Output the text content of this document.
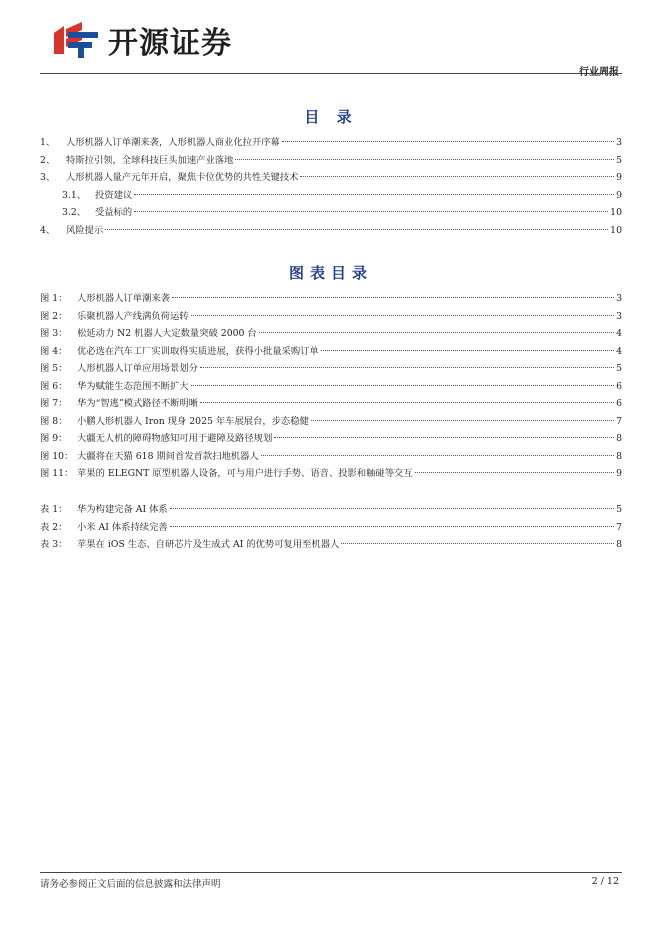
开源证券
行业周报
目 录
1、	人形机器人订单潮来袭，人形机器人商业化拉开序幕	3
2、	特斯拉引领，全球科技巨头加速产业落地	5
3、	人形机器人量产元年开启，聚焦卡位优势的共性关键技术	9
3.1、 投资建议	9
3.2、 受益标的	10
4、	风险提示	10
图表目录
图 1：	人形机器人订单潮来袭	3
图 2：	乐聚机器人产线满负荷运转	3
图 3：	松延动力 N2 机器人大定数量突破 2000 台	4
图 4：	优必选在汽车工厂实训取得实质进展，获得小批量采购订单	4
图 5：	人形机器人订单应用场景划分	5
图 6：	华为赋能生态范围不断扩大	6
图 7：	华为“智逃”模式路径不断明晰	6
图 8：	小鹏人形机器人 Iron 现身 2025 年车展展台，步态稳健	7
图 9：	大疆无人机的障碍物感知可用于避障及路径规划	8
图 10： 大疆将在天猫 618 期间首发首款扫地机器人	8
图 11： 苹果的 ELEGNT 原型机器人设备，可与用户进行手势、语音、投影和触碰等交互	9
表 1：	华为构建完备 AI 体系	5
表 2：	小米 AI 体系持续完善	7
表 3：	苹果在 iOS 生态、自研芯片及生成式 AI 的优势可复用至机器人	8
请务必参阅正文后面的信息披露和法律声明	2 / 12
